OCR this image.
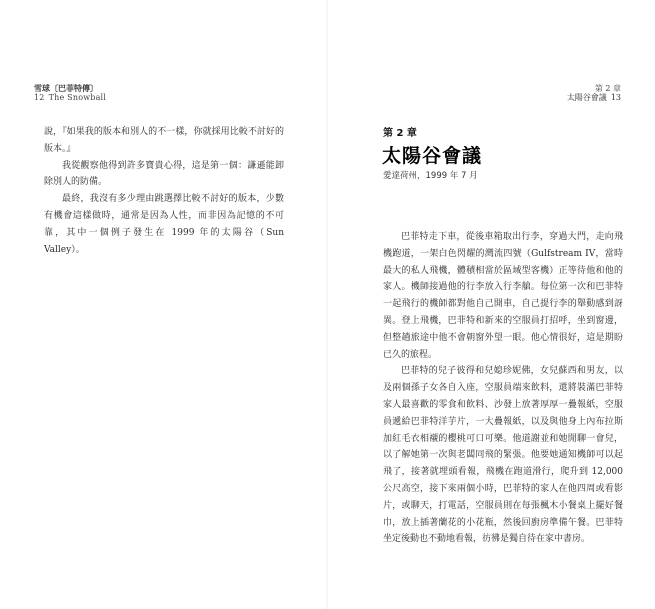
雪球〔巴菲特傳〕
12 The Snowball

說，『如果我的版本和別人的不一樣，你就採用比較不討好的版本。』

我從觀察他得到許多寶貴心得，這是第一個：謙遜能卸除別人的防備。

最終，我沒有多少理由跳選擇比較不討好的版本，少數有機會這樣做時，通常是因為人性，而非因為記憶的不可靠，其中一個例子發生在 1999 年的太陽谷（Sun Valley）。

第 2 章
太陽谷會議 13
第 2 章
太陽谷會議
愛達荷州，1999 年 7 月

巴菲特走下車，從後車箱取出行李，穿過大門，走向飛機跑道，一架白色閃耀的灣流四號（Gulfstream IV，當時最大的私人飛機，體積相當於區域型客機）正等待他和他的家人。機師接過他的行李放入行李艙。每位第一次和巴菲特一起飛行的機師都對他自己開車，自己提行李的舉動感到訝異。登上飛機，巴菲特和新來的空服員打招呼，坐到窗邊，但整趟旅途中他不會朝窗外望一眼。他心情很好，這是期盼已久的旅程。

巴菲特的兒子彼得和兒媳珍妮佛，女兒蘇西和男友，以及兩個孫子女各自入座，空服員端來飲料，還將裝滿巴菲特家人最喜歡的零食和飲料、沙發上放著厚厚一疊報紙，空服員遞給巴菲特洋芋片，一大疊報紙，以及與他身上內布拉斯加紅毛衣相襯的櫻桃可口可樂。他道謝並和她閒聊一會兒，以了解她第一次與老闆同飛的緊張。他要她通知機師可以起飛了，接著就埋頭看報，飛機在跑道滑行，爬升到 12,000 公尺高空，接下來兩個小時，巴菲特的家人在他四周或看影片，或聊天，打電話，空服員則在每張楓木小餐桌上擺好餐巾，放上插著蘭花的小花瓶，然後回廚房準備午餐。巴菲特坐定後動也不動地看報，彷彿是獨自待在家中書房。
